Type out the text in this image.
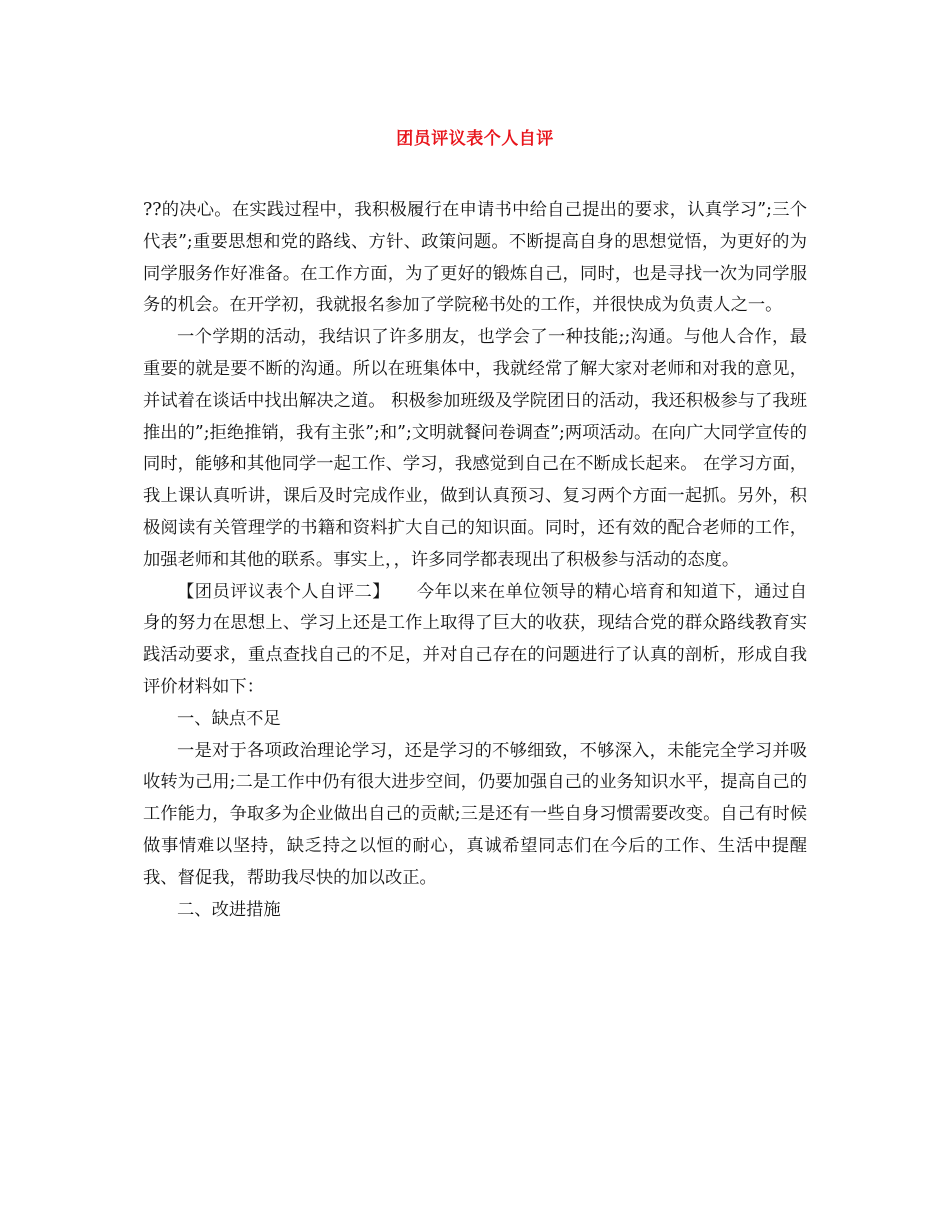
团员评议表个人自评

??的决心。在实践过程中，我积极履行在申请书中给自己提出的要求，认真学习”;三个代表”;重要思想和党的路线、方针、政策问题。不断提高自身的思想觉悟，为更好的为同学服务作好准备。在工作方面，为了更好的锻炼自己，同时，也是寻找一次为同学服务的机会。在开学初，我就报名参加了学院秘书处的工作，并很快成为负责人之一。

一个学期的活动，我结识了许多朋友，也学会了一种技能;;沟通。与他人合作，最重要的就是要不断的沟通。所以在班集体中，我就经常了解大家对老师和对我的意见，并试着在谈话中找出解决之道。 积极参加班级及学院团日的活动，我还积极参与了我班推出的”;拒绝推销，我有主张”;和”;文明就餐问卷调查”;两项活动。在向广大同学宣传的同时，能够和其他同学一起工作、学习，我感觉到自己在不断成长起来。 在学习方面，我上课认真听讲，课后及时完成作业，做到认真预习、复习两个方面一起抓。另外，积极阅读有关管理学的书籍和资料扩大自己的知识面。同时，还有效的配合老师的工作，加强老师和其他的联系。事实上，，许多同学都表现出了积极参与活动的态度。

【团员评议表个人自评二】　　今年以来在单位领导的精心培育和知道下，通过自身的努力在思想上、学习上还是工作上取得了巨大的收获，现结合党的群众路线教育实践活动要求，重点查找自己的不足，并对自己存在的问题进行了认真的剖析，形成自我评价材料如下：

一、缺点不足

一是对于各项政治理论学习，还是学习的不够细致，不够深入，未能完全学习并吸收转为己用;二是工作中仍有很大进步空间，仍要加强自己的业务知识水平，提高自己的工作能力，争取多为企业做出自己的贡献;三是还有一些自身习惯需要改变。自己有时候做事情难以坚持，缺乏持之以恒的耐心，真诚希望同志们在今后的工作、生活中提醒我、督促我，帮助我尽快的加以改正。

二、改进措施
